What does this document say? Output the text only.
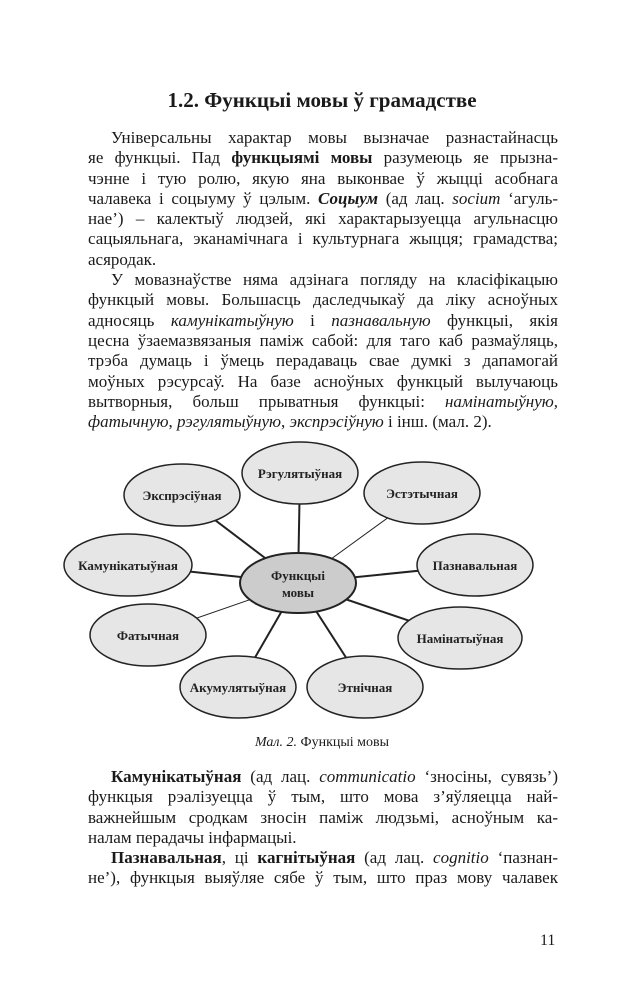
1.2. Функцыі мовы ў грамадстве
Універсальны характар мовы вызначае разнастайнасць
яе функцыі. Пад функцыямі мовы разумеюць яе прызна-
чэнне і тую ролю, якую яна выконвае ў жыцці асобнага
чалавека і соцыуму ў цэлым. Соцыум (ад лац. socium ‘агуль-
нае’) – калектыў людзей, якi характарызуецца агульнасцю
сацыяльнага, эканамічнага і культурнага жыцця; грамадства;
асяродак.
У мовазнаўстве няма адзінага погляду на класіфікацыю
функцый мовы. Большасць даследчыкаў да ліку асноўных
адносяць камунікатыўную і пазнавальную функцыі, якія
цесна ўзаемазвязаныя паміж сабой: для таго каб размаўляць,
трэба думаць і ўмець перадаваць свае думкі з дапамогай
моўных рэсурсаў. На базе асноўных функцый вылучаюць
вытворныя, больш прыватныя функцыі: намінатыўную,
фатычную, рэгулятыўную, экспрэсіўную і інш. (мал. 2).
Рэгулятыўная
Эстэтычная
Пазнавальная
Намінатыўная
Этнічная
Акумулятыўная
Фатычная
Камунікатыўная
Экспрэсіўная
Функцыі
мовы
Мал. 2. Функцыі мовы
Камунікатыўная (ад лац. communicatio ‘зносіны, сувязь’)
функцыя рэалізуецца ў тым, што мова з’яўляецца най-
важнейшым сродкам зносін паміж людзьмі, асноўным ка-
налам перадачы інфармацыі.
Пазнавальная, ці кагнітыўная (ад лац. cognitio ‘пазнан-
не’), функцыя выяўляе сябе ў тым, што праз мову чалавек
11
